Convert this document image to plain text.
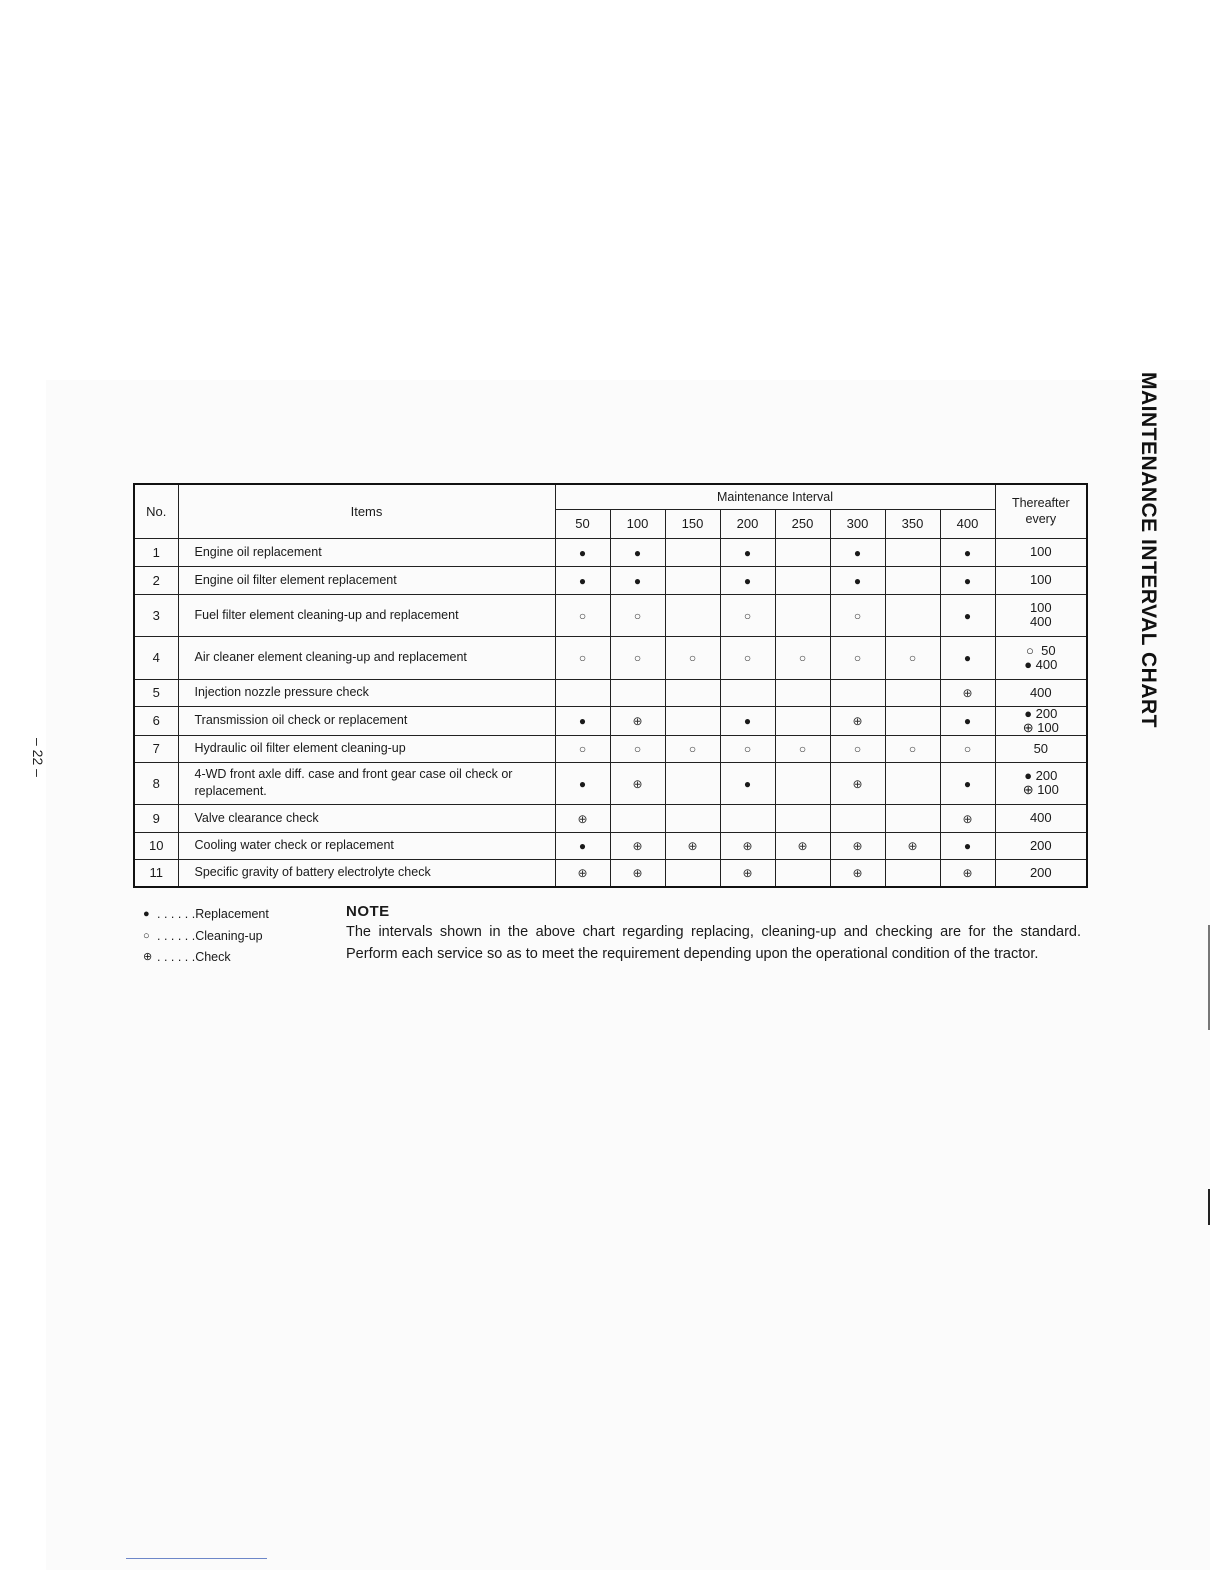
MAINTENANCE INTERVAL CHART
– 22 –
No.	Items	Maintenance Interval								Thereafter every
		50	100	150	200	250	300	350	400	
1	Engine oil replacement	●	●		●		●		●	100

2	Engine oil filter element replacement	●	●		●		●		●	100

3	Fuel filter element cleaning-up and replacement	○	○		○		○		●	100
400

4	Air cleaner element cleaning-up and replacement	○	○	○	○	○	○	○	●	○  50
● 400

5	Injection nozzle pressure check								⊕	400

6	Transmission oil check or replacement	●	⊕		●		⊕		●	● 200
⊕ 100

7	Hydraulic oil filter element cleaning-up	○	○	○	○	○	○	○	○	50

8	4-WD front axle diff. case and front gear case oil check or replacement.	●	⊕		●		⊕		●	● 200
⊕ 100

9	Valve clearance check	⊕							⊕	400

10	Cooling water check or replacement	●	⊕	⊕	⊕	⊕	⊕	⊕	●	200

11	Specific gravity of battery electrolyte check	⊕	⊕		⊕		⊕		⊕	200
● . . . . . .Replacement
○ . . . . . .Cleaning-up
⊕ . . . . . .Check
NOTE
The intervals shown in the above chart regarding replacing, cleaning-up and checking are for the standard. Perform each service so as to meet the requirement depending upon the operational condition of the tractor.
